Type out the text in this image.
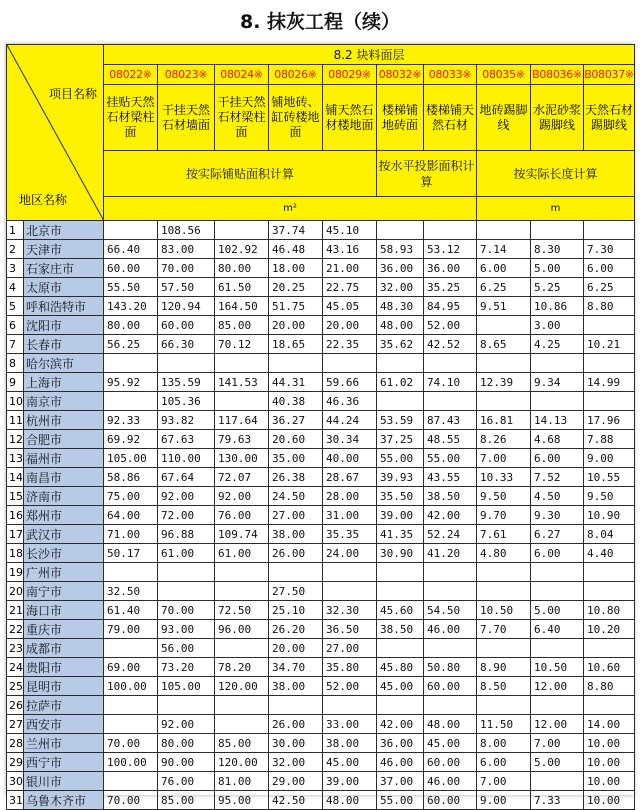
8. 抹灰工程（续）
项目名称
地区名称		8.2 块料面层									
		08022※	08023※	08024※	08026※	08029※	08032※	08033※	08035※	B08036※	B08037※
		挂贴天然石材梁柱面	干挂天然石材墙面	干挂天然石材梁柱面	铺地砖、缸砖楼地面	铺天然石材楼地面	楼梯铺地砖面	楼梯铺天然石材	地砖踢脚线	水泥砂浆踢脚线	天然石材踢脚线
		按实际铺贴面积计算					按水平投影面积计算		按实际长度计算		
		m²							m		
1	北京市		108.56		37.74	45.10					
2	天津市	66.40	83.00	102.92	46.48	43.16	58.93	53.12	7.14	8.30	7.30
3	石家庄市	60.00	70.00	80.00	18.00	21.00	36.00	36.00	6.00	5.00	6.00
4	太原市	55.50	57.50	61.50	20.25	22.75	32.00	35.25	6.25	5.25	6.25
5	呼和浩特市	143.20	120.94	164.50	51.75	45.05	48.30	84.95	9.51	10.86	8.80
6	沈阳市	80.00	60.00	85.00	20.00	20.00	48.00	52.00		3.00	
7	长春市	56.25	66.30	70.12	18.65	22.35	35.62	42.52	8.65	4.25	10.21
8	哈尔滨市										
9	上海市	95.92	135.59	141.53	44.31	59.66	61.02	74.10	12.39	9.34	14.99
10	南京市		105.36		40.38	46.36					
11	杭州市	92.33	93.82	117.64	36.27	44.24	53.59	87.43	16.81	14.13	17.96
12	合肥市	69.92	67.63	79.63	20.60	30.34	37.25	48.55	8.26	4.68	7.88
13	福州市	105.00	110.00	130.00	35.00	40.00	55.00	55.00	7.00	6.00	9.00
14	南昌市	58.86	67.64	72.07	26.38	28.67	39.93	43.55	10.33	7.52	10.55
15	济南市	75.00	92.00	92.00	24.50	28.00	35.50	38.50	9.50	4.50	9.50
16	郑州市	64.00	72.00	76.00	27.00	31.00	39.00	42.00	9.70	9.30	10.90
17	武汉市	71.00	96.88	109.74	38.00	35.35	41.35	52.24	7.61	6.27	8.04
18	长沙市	50.17	61.00	61.00	26.00	24.00	30.90	41.20	4.80	6.00	4.40
19	广州市										
20	南宁市	32.50			27.50						
21	海口市	61.40	70.00	72.50	25.10	32.30	45.60	54.50	10.50	5.00	10.80
22	重庆市	79.00	93.00	96.00	26.20	36.50	38.50	46.00	7.70	6.40	10.20
23	成都市		56.00		20.00	27.00					
24	贵阳市	69.00	73.20	78.20	34.70	35.80	45.80	50.80	8.90	10.50	10.60
25	昆明市	100.00	105.00	120.00	38.00	52.00	45.00	60.00	8.50	12.00	8.80
26	拉萨市										
27	西安市		92.00		26.00	33.00	42.00	48.00	11.50	12.00	14.00
28	兰州市	70.00	80.00	85.00	30.00	38.00	36.00	45.00	8.00	7.00	10.00
29	西宁市	100.00	90.00	120.00	32.00	45.00	46.00	60.00	6.00	5.00	10.00
30	银川市		76.00	81.00	29.00	39.00	37.00	46.00	7.00		10.00
31	乌鲁木齐市	70.00	85.00	95.00	42.50	48.00	55.00	60.00	9.00	7.33	10.00
